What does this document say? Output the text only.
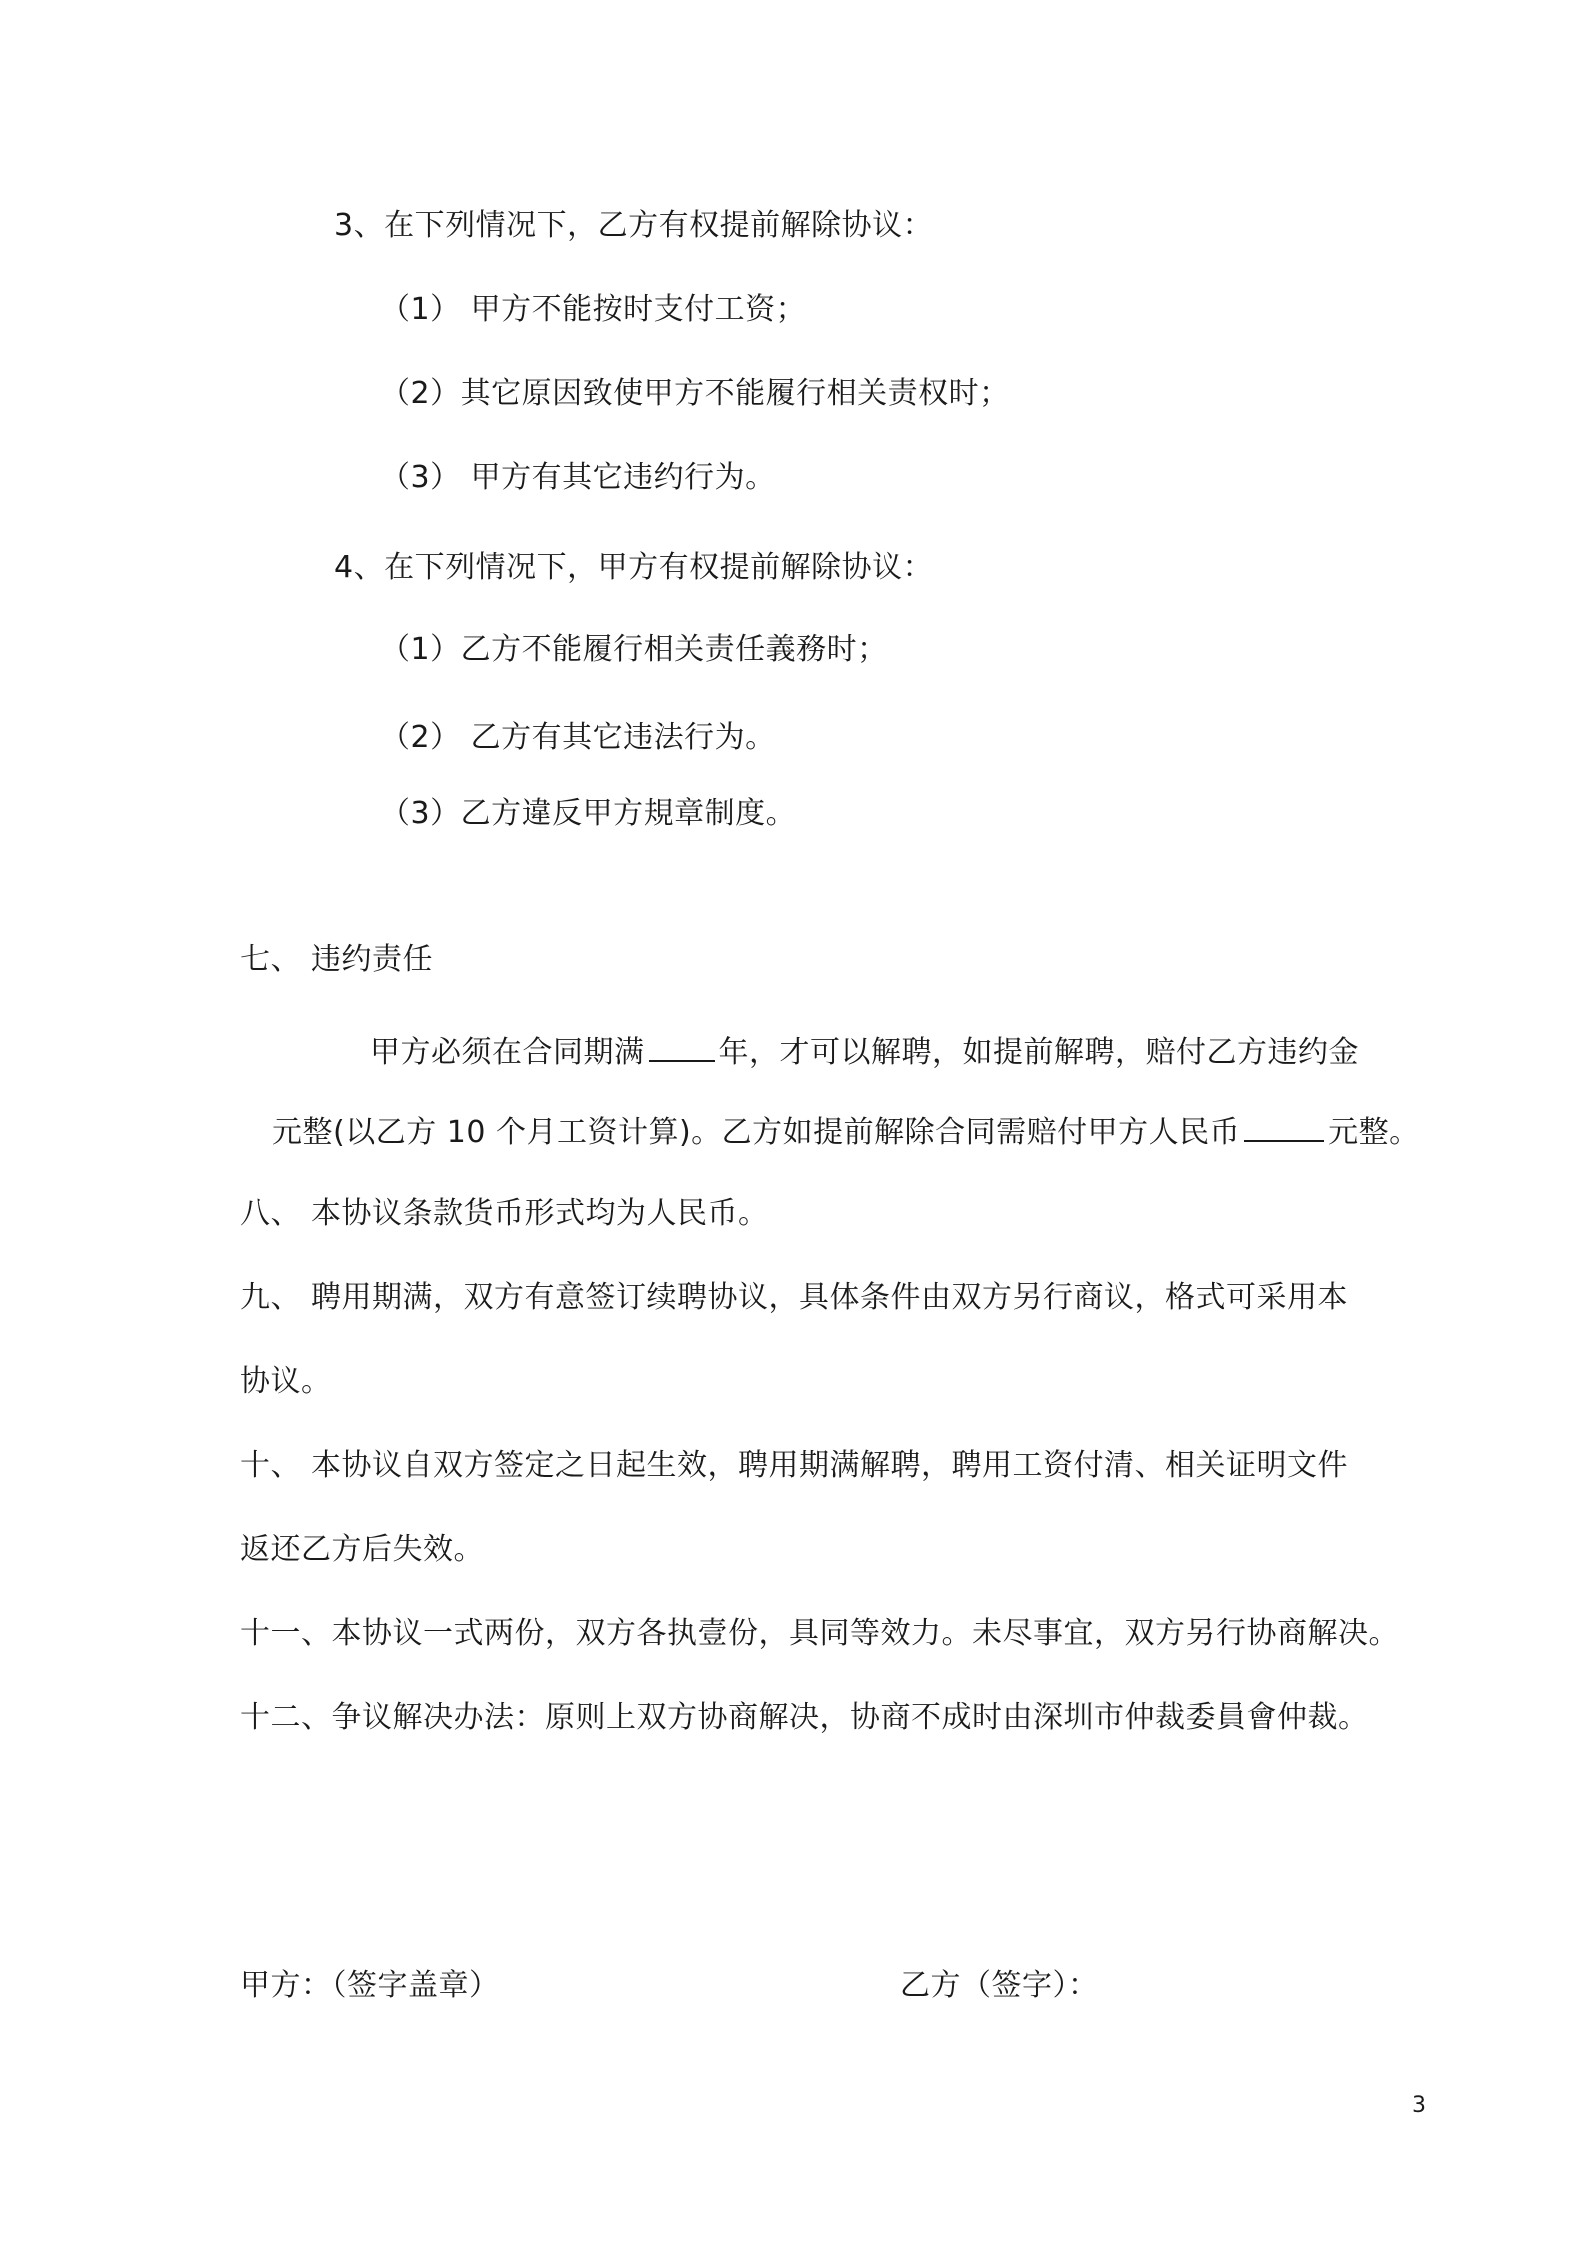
3、在下列情况下，乙方有权提前解除协议：
（1） 甲方不能按时支付工资；
（2）其它原因致使甲方不能履行相关责权时；
（3） 甲方有其它违约行为。
4、在下列情况下，甲方有权提前解除协议：
（1）乙方不能履行相关责任義務时；
（2） 乙方有其它违法行为。
（3）乙方違反甲方規章制度。
七、 违约责任
甲方必须在合同期满 年，才可以解聘，如提前解聘，赔付乙方违约金
元整(以乙方 10 个月工资计算)。乙方如提前解除合同需赔付甲方人民币	元整。
八、 本协议条款货币形式均为人民币。
九、 聘用期满，双方有意签订续聘协议，具体条件由双方另行商议，格式可采用本
协议。
十、 本协议自双方签定之日起生效，聘用期满解聘，聘用工资付清、相关证明文件
返还乙方后失效。
十一、本协议一式两份，双方各执壹份，具同等效力。未尽事宜，双方另行协商解决。
十二、争议解决办法：原则上双方协商解决，协商不成时由深圳市仲裁委員會仲裁。
甲方：（签字盖章）	乙方（签字）：
3
